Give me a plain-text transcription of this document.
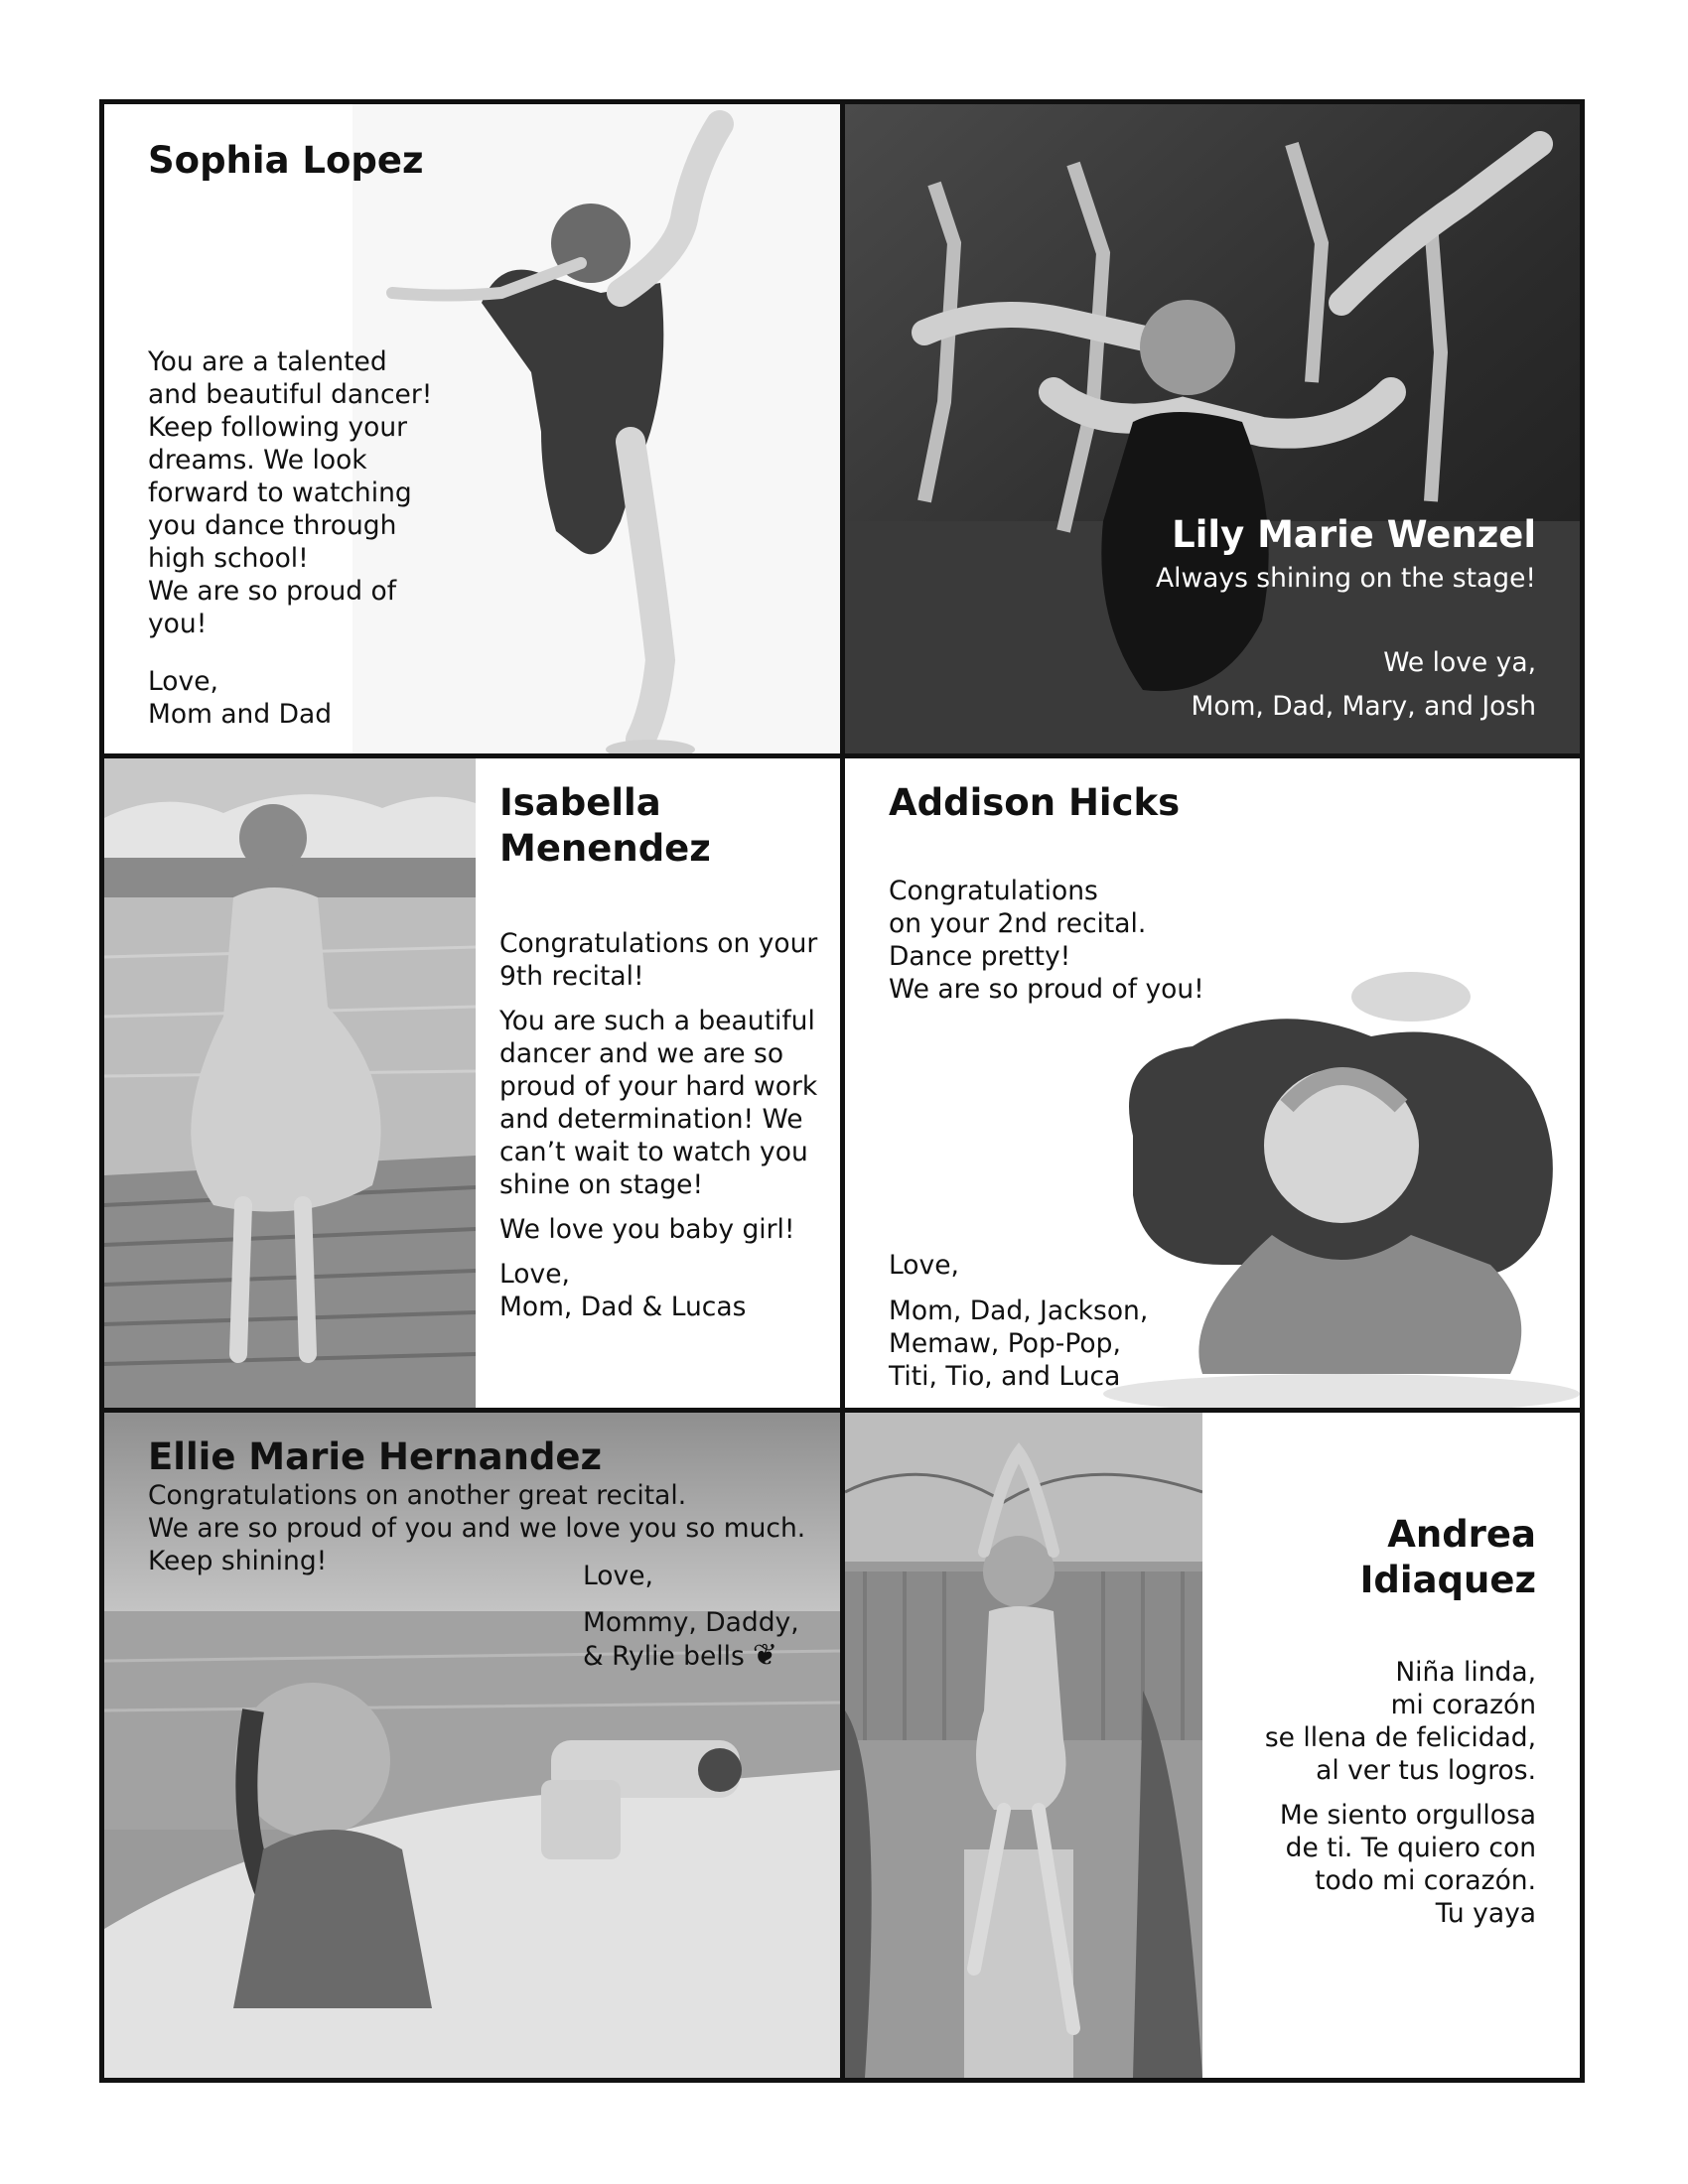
Sophia Lopez
You are a talented
and beautiful dancer!
Keep following your
dreams. We look
forward to watching
you dance through
high school!
We are so proud of
you!
Love,
Mom and Dad
Lily Marie Wenzel
Always shining on the stage!
We love ya,
Mom, Dad, Mary, and Josh
Isabella
Menendez

Congratulations on your
9th recital!

You are such a beautiful
dancer and we are so
proud of your hard work
and determination! We
can’t wait to watch you
shine on stage!

We love you baby girl!

Love,
Mom, Dad & Lucas

Addison Hicks
Congratulations
on your 2nd recital.
Dance pretty!
We are so proud of you!
Love,
Mom, Dad, Jackson,
Memaw, Pop-Pop,
Titi, Tio, and Luca
Ellie Marie Hernandez
Congratulations on another great recital.
We are so proud of you and we love you so much.
Keep shining!	Love,
Mommy, Daddy,
& Rylie bells ❦
Andrea
Idiaquez

Niña linda,
mi corazón
se llena de felicidad,
al ver tus logros.

Me siento orgullosa
de ti. Te quiero con
todo mi corazón.
Tu yaya
